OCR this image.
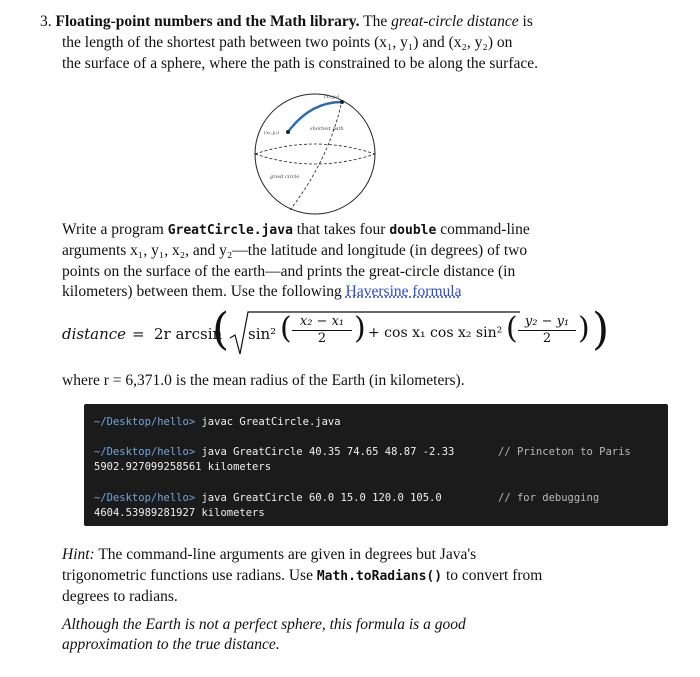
3. Floating-point numbers and the Math library. The great-circle distance is
the length of the shortest path between two points (x₁, y₁) and (x₂, y₂) on
the surface of a sphere, where the path is constrained to be along the surface.
(x₁,y₁)
(x₂,y₂)
shortest path
great circle
Write a program GreatCircle.java that takes four double command-line
arguments x₁, y₁, x₂, and y₂—the latitude and longitude (in degrees) of two
points on the surface of the earth—and prints the great-circle distance (in
kilometers) between them. Use the following Haversine formula
distance = 2r arcsin
( sin² ( $\frac{\text{x₂ − x₁}}{2}$ ) + cos x₁ cos x₂ sin² ( $\frac{\text{y₂ − y₁}}{2}$ ) )
where r = 6,371.0 is the mean radius of the Earth (in kilometers).
~/Desktop/hello> javac GreatCircle.java
~/Desktop/hello> java GreatCircle 40.35 74.65 48.87 -2.33	// Princeton to Paris
5902.927099258561 kilometers
~/Desktop/hello> java GreatCircle 60.0 15.0 120.0 105.0	// for debugging
4604.53989281927 kilometers
Hint: The command-line arguments are given in degrees but Java's
trigonometric functions use radians. Use Math.toRadians() to convert from
degrees to radians.
Although the Earth is not a perfect sphere, this formula is a good
approximation to the true distance.
